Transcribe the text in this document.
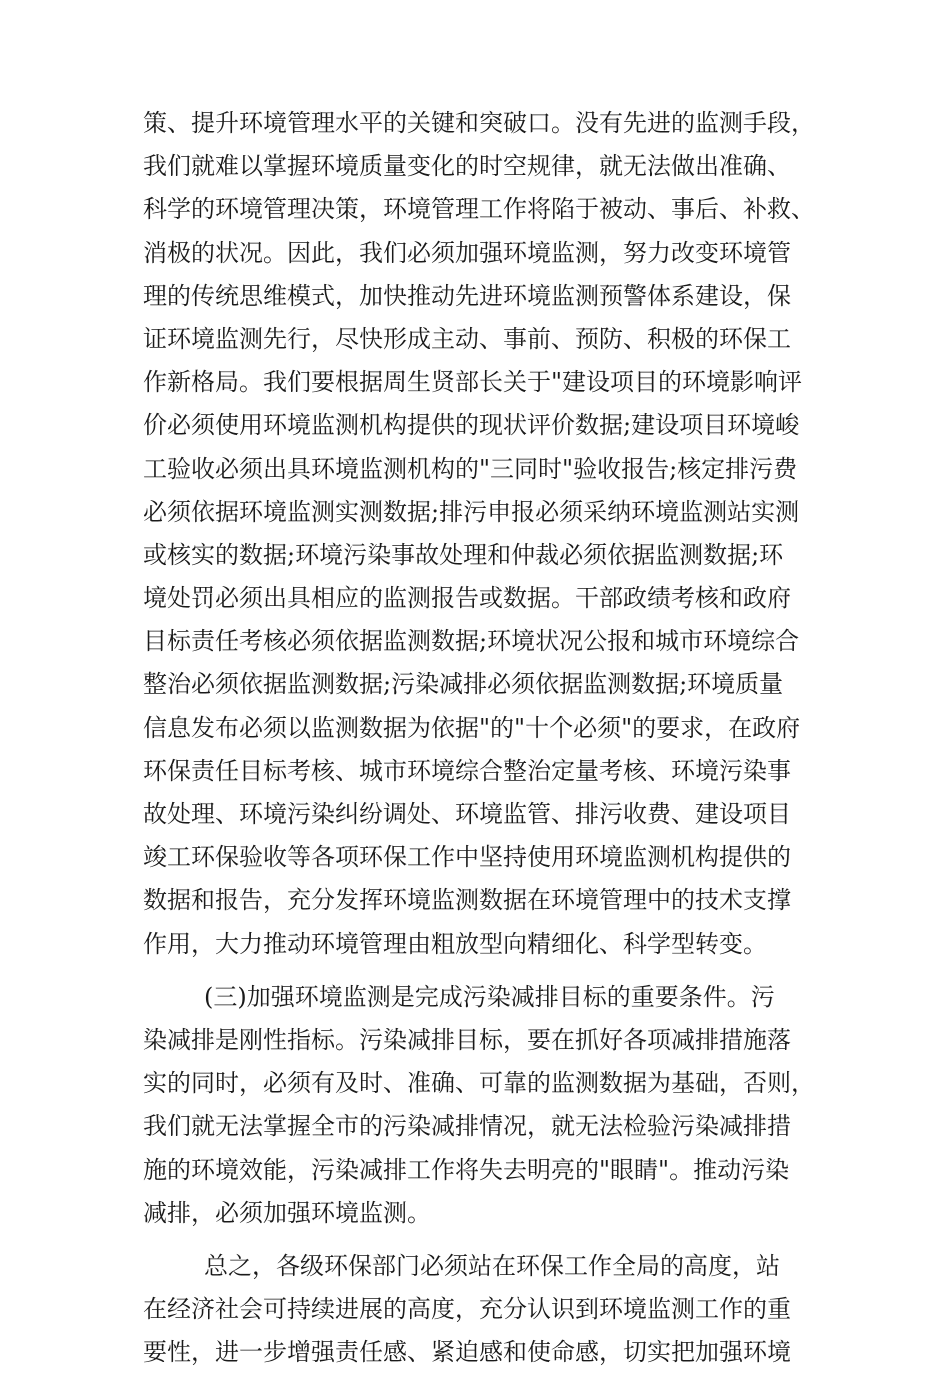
策、提升环境管理水平的关键和突破口。没有先进的监测手段，
我们就难以掌握环境质量变化的时空规律，就无法做出准确、
科学的环境管理决策，环境管理工作将陷于被动、事后、补救、
消极的状况。因此，我们必须加强环境监测，努力改变环境管
理的传统思维模式，加快推动先进环境监测预警体系建设，保
证环境监测先行，尽快形成主动、事前、预防、积极的环保工
作新格局。我们要根据周生贤部长关于"建设项目的环境影响评
价必须使用环境监测机构提供的现状评价数据;建设项目环境峻
工验收必须出具环境监测机构的"三同时"验收报告;核定排污费
必须依据环境监测实测数据;排污申报必须采纳环境监测站实测
或核实的数据;环境污染事故处理和仲裁必须依据监测数据;环
境处罚必须出具相应的监测报告或数据。干部政绩考核和政府
目标责任考核必须依据监测数据;环境状况公报和城市环境综合
整治必须依据监测数据;污染减排必须依据监测数据;环境质量
信息发布必须以监测数据为依据"的"十个必须"的要求，在政府
环保责任目标考核、城市环境综合整治定量考核、环境污染事
故处理、环境污染纠纷调处、环境监管、排污收费、建设项目
竣工环保验收等各项环保工作中坚持使用环境监测机构提供的
数据和报告，充分发挥环境监测数据在环境管理中的技术支撑
作用，大力推动环境管理由粗放型向精细化、科学型转变。
(三)加强环境监测是完成污染减排目标的重要条件。污
染减排是刚性指标。污染减排目标，要在抓好各项减排措施落
实的同时，必须有及时、准确、可靠的监测数据为基础，否则，
我们就无法掌握全市的污染减排情况，就无法检验污染减排措
施的环境效能，污染减排工作将失去明亮的"眼睛"。推动污染
减排，必须加强环境监测。
总之，各级环保部门必须站在环保工作全局的高度，站
在经济社会可持续进展的高度，充分认识到环境监测工作的重
要性，进一步增强责任感、紧迫感和使命感，切实把加强环境
